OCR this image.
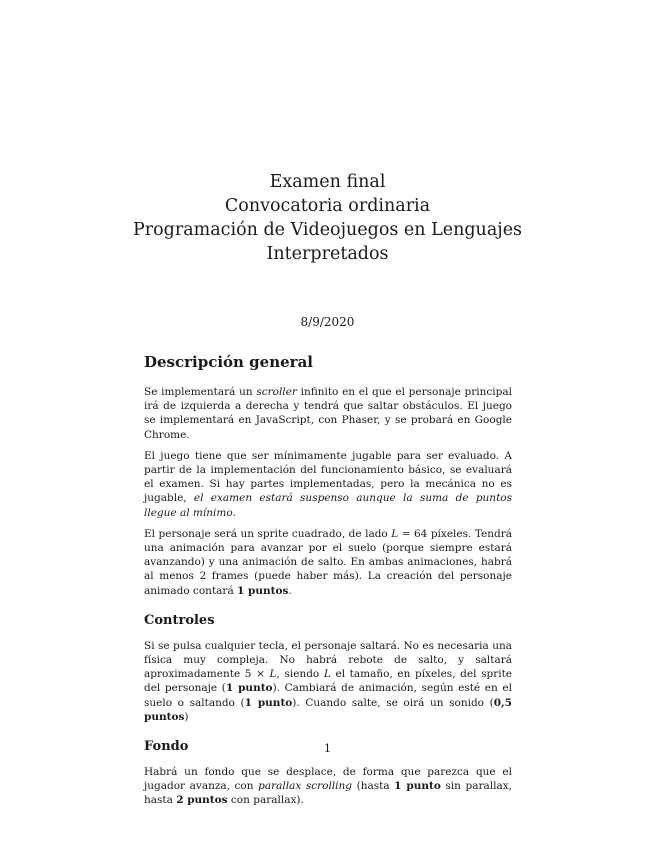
Examen final
Convocatoria ordinaria
Programación de Videojuegos en Lenguajes
Interpretados
8/9/2020
Descripción general

Se implementará un scroller infinito en el que el personaje principal irá de izquierda a derecha y tendrá que saltar obstáculos. El juego se implementará en JavaScript, con Phaser, y se probará en Google Chrome.

El juego tiene que ser mínimamente jugable para ser evaluado. A partir de la implementación del funcionamiento básico, se evaluará el examen. Si hay partes implementadas, pero la mecánica no es jugable, el examen estará suspenso aunque la suma de puntos llegue al mínimo.

El personaje será un sprite cuadrado, de lado L = 64 píxeles. Tendrá una animación para avanzar por el suelo (porque siempre estará avanzando) y una animación de salto. En ambas animaciones, habrá al menos 2 frames (puede haber más). La creación del personaje animado contará 1 puntos.

Controles

Si se pulsa cualquier tecla, el personaje saltará. No es necesaria una física muy compleja. No habrá rebote de salto, y saltará aproximadamente 5 × L, siendo L el tamaño, en píxeles, del sprite del personaje (1 punto). Cambiará de animación, según esté en el suelo o saltando (1 punto). Cuando salte, se oirá un sonido (0,5 puntos)

Fondo

Habrá un fondo que se desplace, de forma que parezca que el jugador avanza, con parallax scrolling (hasta 1 punto sin parallax, hasta 2 puntos con parallax).

1
